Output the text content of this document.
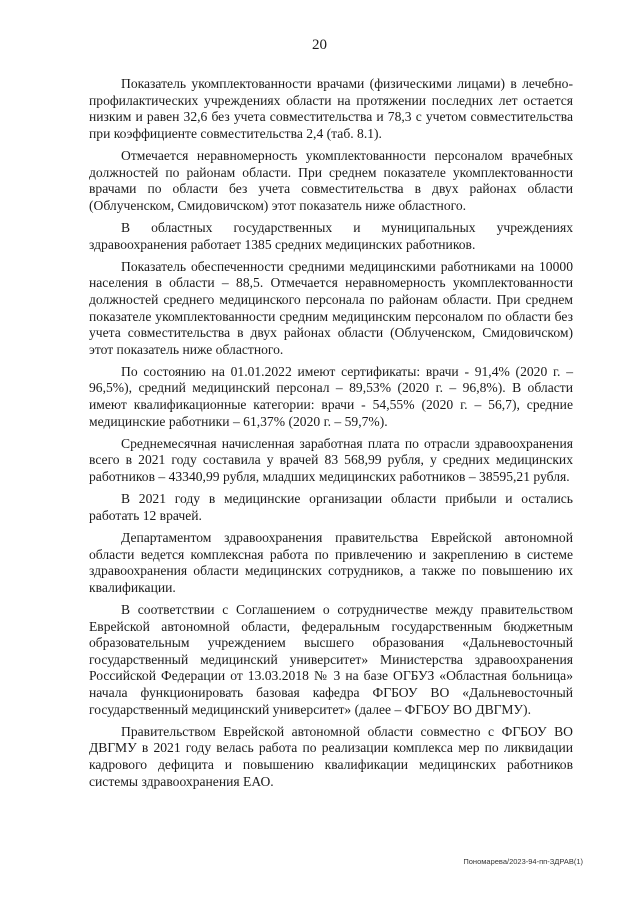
20

Показатель укомплектованности врачами (физическими лицами) в лечебно-профилактических учреждениях области на протяжении последних лет остается низким и равен 32,6 без учета совместительства и 78,3 с учетом совместительства при коэффициенте совместительства 2,4 (таб. 8.1).

Отмечается неравномерность укомплектованности персоналом врачебных должностей по районам области. При среднем показателе укомплектованности врачами по области без учета совместительства в двух районах области (Облученском, Смидовичском) этот показатель ниже областного.

В областных государственных и муниципальных учреждениях здравоохранения работает 1385 средних медицинских работников.

Показатель обеспеченности средними медицинскими работниками на 10000 населения в области – 88,5. Отмечается неравномерность укомплектованности должностей среднего медицинского персонала по районам области. При среднем показателе укомплектованности средним медицинским персоналом по области без учета совместительства в двух районах области (Облученском, Смидовичском) этот показатель ниже областного.

По состоянию на 01.01.2022 имеют сертификаты: врачи - 91,4% (2020 г. – 96,5%), средний медицинский персонал – 89,53% (2020 г. – 96,8%). В области имеют квалификационные категории: врачи - 54,55% (2020 г. – 56,7), средние медицинские работники – 61,37% (2020 г. – 59,7%).

Среднемесячная начисленная заработная плата по отрасли здравоохранения всего в 2021 году составила у врачей 83 568,99 рубля, у средних медицинских работников – 43340,99 рубля, младших медицинских работников – 38595,21 рубля.

В 2021 году в медицинские организации области прибыли и остались работать 12 врачей.

Департаментом здравоохранения правительства Еврейской автономной области ведется комплексная работа по привлечению и закреплению в системе здравоохранения области медицинских сотрудников, а также по повышению их квалификации.

В соответствии с Соглашением о сотрудничестве между правительством Еврейской автономной области, федеральным государственным бюджетным образовательным учреждением высшего образования «Дальневосточный государственный медицинский университет» Министерства здравоохранения Российской Федерации от 13.03.2018 № 3 на базе ОГБУЗ «Областная больница» начала функционировать базовая кафедра ФГБОУ ВО «Дальневосточный государственный медицинский университет» (далее – ФГБОУ ВО ДВГМУ).

Правительством Еврейской автономной области совместно с ФГБОУ ВО ДВГМУ в 2021 году велась работа по реализации комплекса мер по ликвидации кадрового дефицита и повышению квалификации медицинских работников системы здравоохранения ЕАО.

Пономарева/2023-94-пп-ЗДРАВ(1)
